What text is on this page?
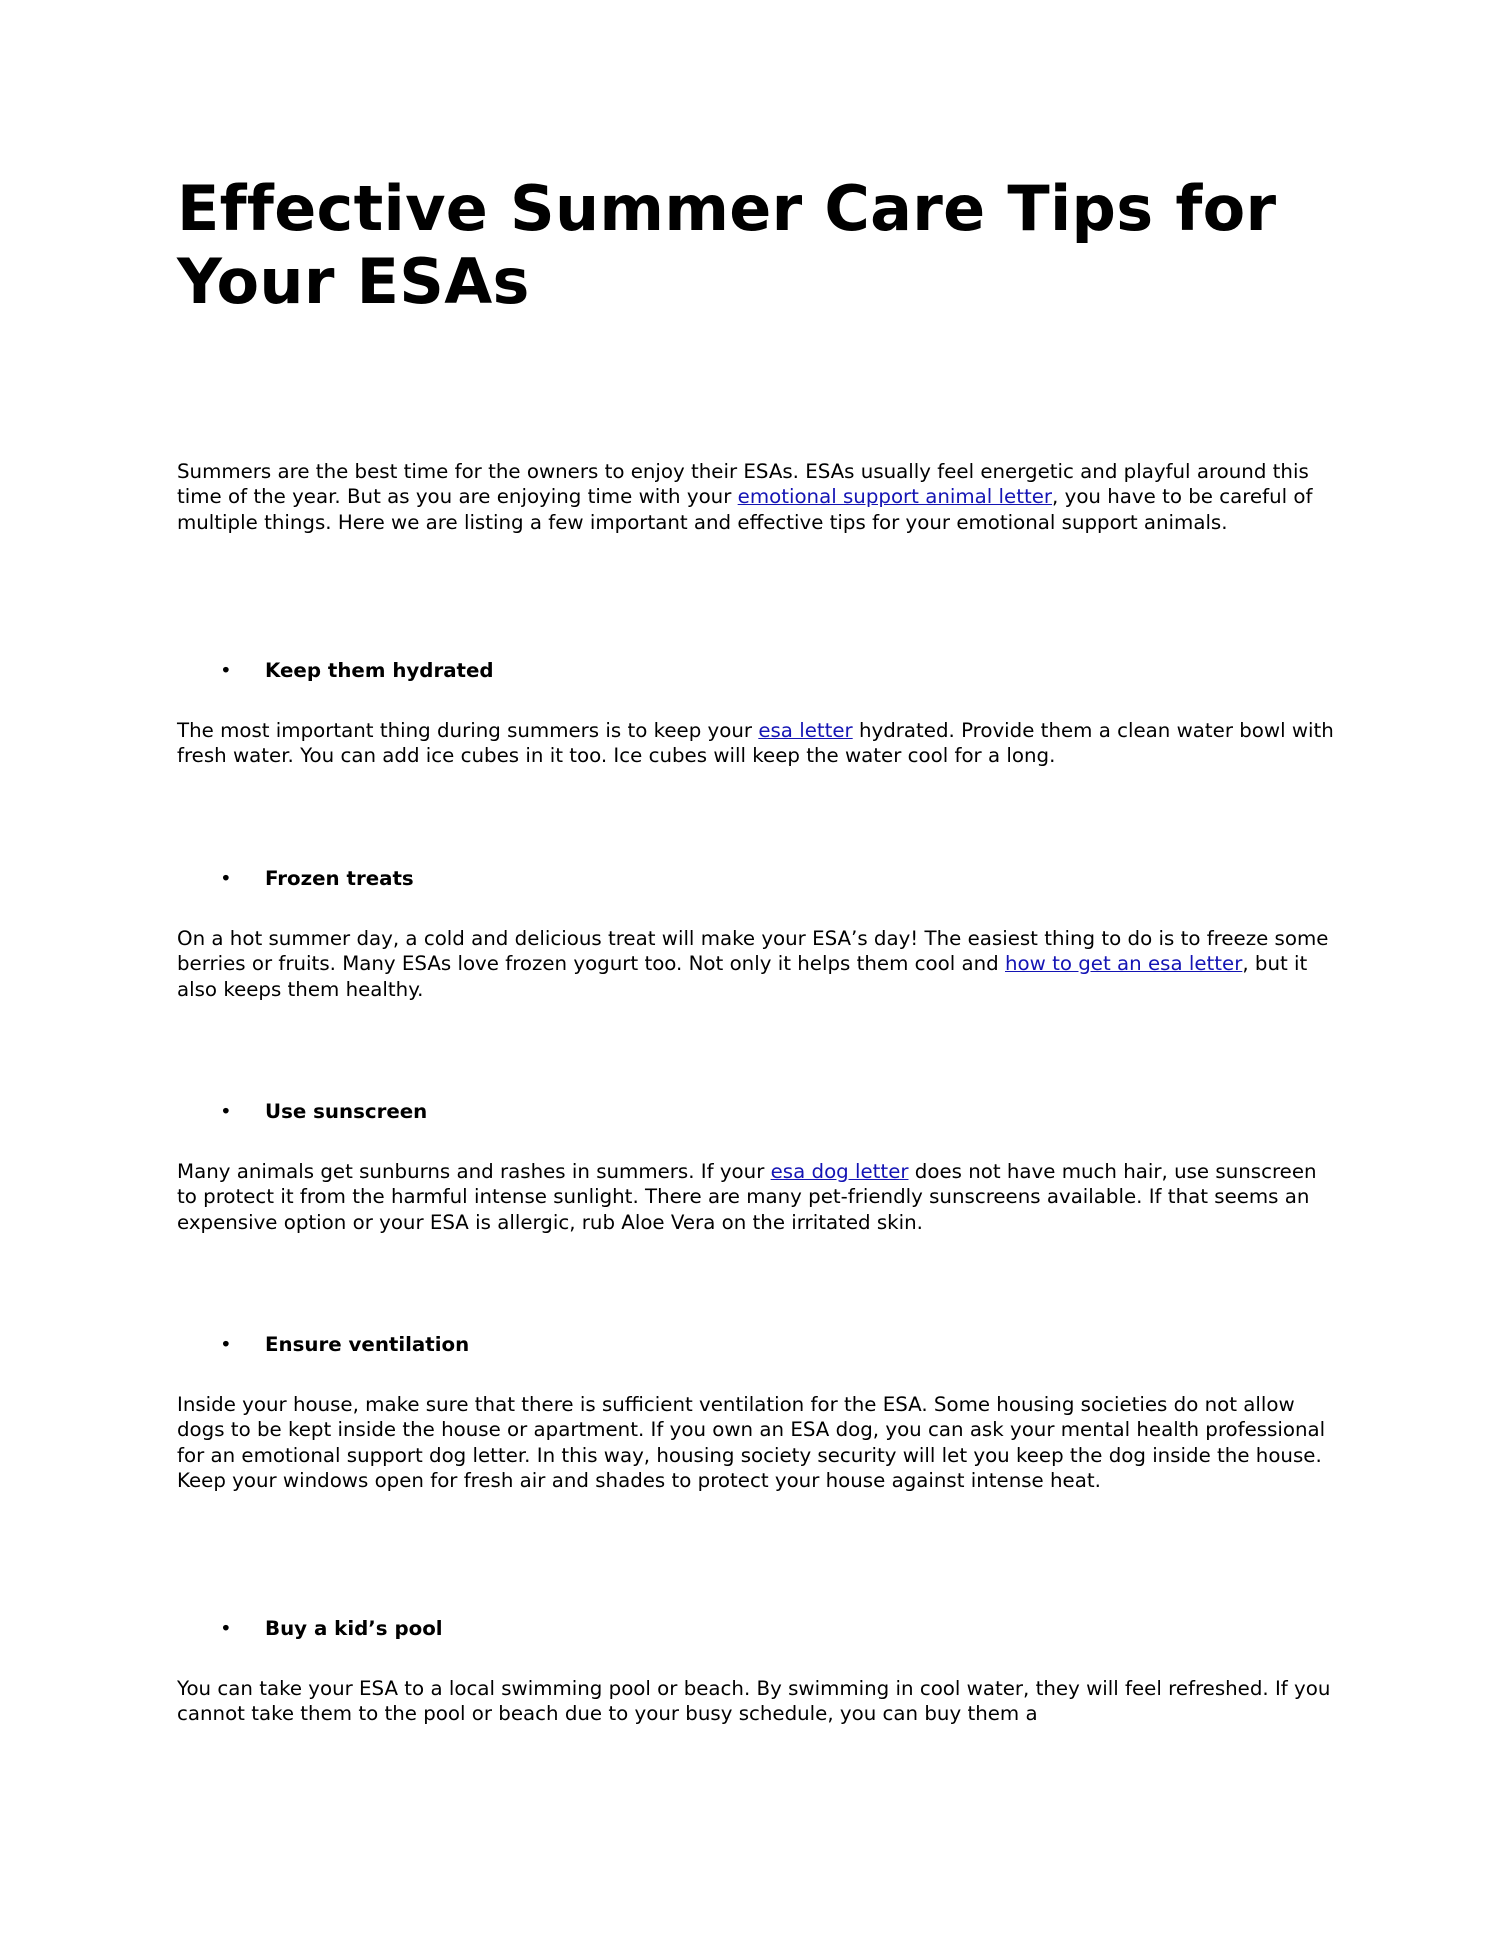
Effective Summer Care Tips for Your ESAs

Summers are the best time for the owners to enjoy their ESAs. ESAs usually feel energetic and playful around this time of the year. But as you are enjoying time with your emotional support animal letter, you have to be careful of multiple things. Here we are listing a few important and effective tips for your emotional support animals.

• Keep them hydrated

The most important thing during summers is to keep your esa letter hydrated. Provide them a clean water bowl with fresh water. You can add ice cubes in it too. Ice cubes will keep the water cool for a long.

• Frozen treats

On a hot summer day, a cold and delicious treat will make your ESA’s day! The easiest thing to do is to freeze some berries or fruits. Many ESAs love frozen yogurt too. Not only it helps them cool and how to get an esa letter, but it also keeps them healthy.

• Use sunscreen

Many animals get sunburns and rashes in summers. If your esa dog letter does not have much hair, use sunscreen to protect it from the harmful intense sunlight. There are many pet-friendly sunscreens available. If that seems an expensive option or your ESA is allergic, rub Aloe Vera on the irritated skin.

• Ensure ventilation

Inside your house, make sure that there is sufficient ventilation for the ESA. Some housing societies do not allow dogs to be kept inside the house or apartment. If you own an ESA dog, you can ask your mental health professional for an emotional support dog letter. In this way, housing society security will let you keep the dog inside the house. Keep your windows open for fresh air and shades to protect your house against intense heat.

• Buy a kid’s pool

You can take your ESA to a local swimming pool or beach. By swimming in cool water, they will feel refreshed. If you cannot take them to the pool or beach due to your busy schedule, you can buy them a
